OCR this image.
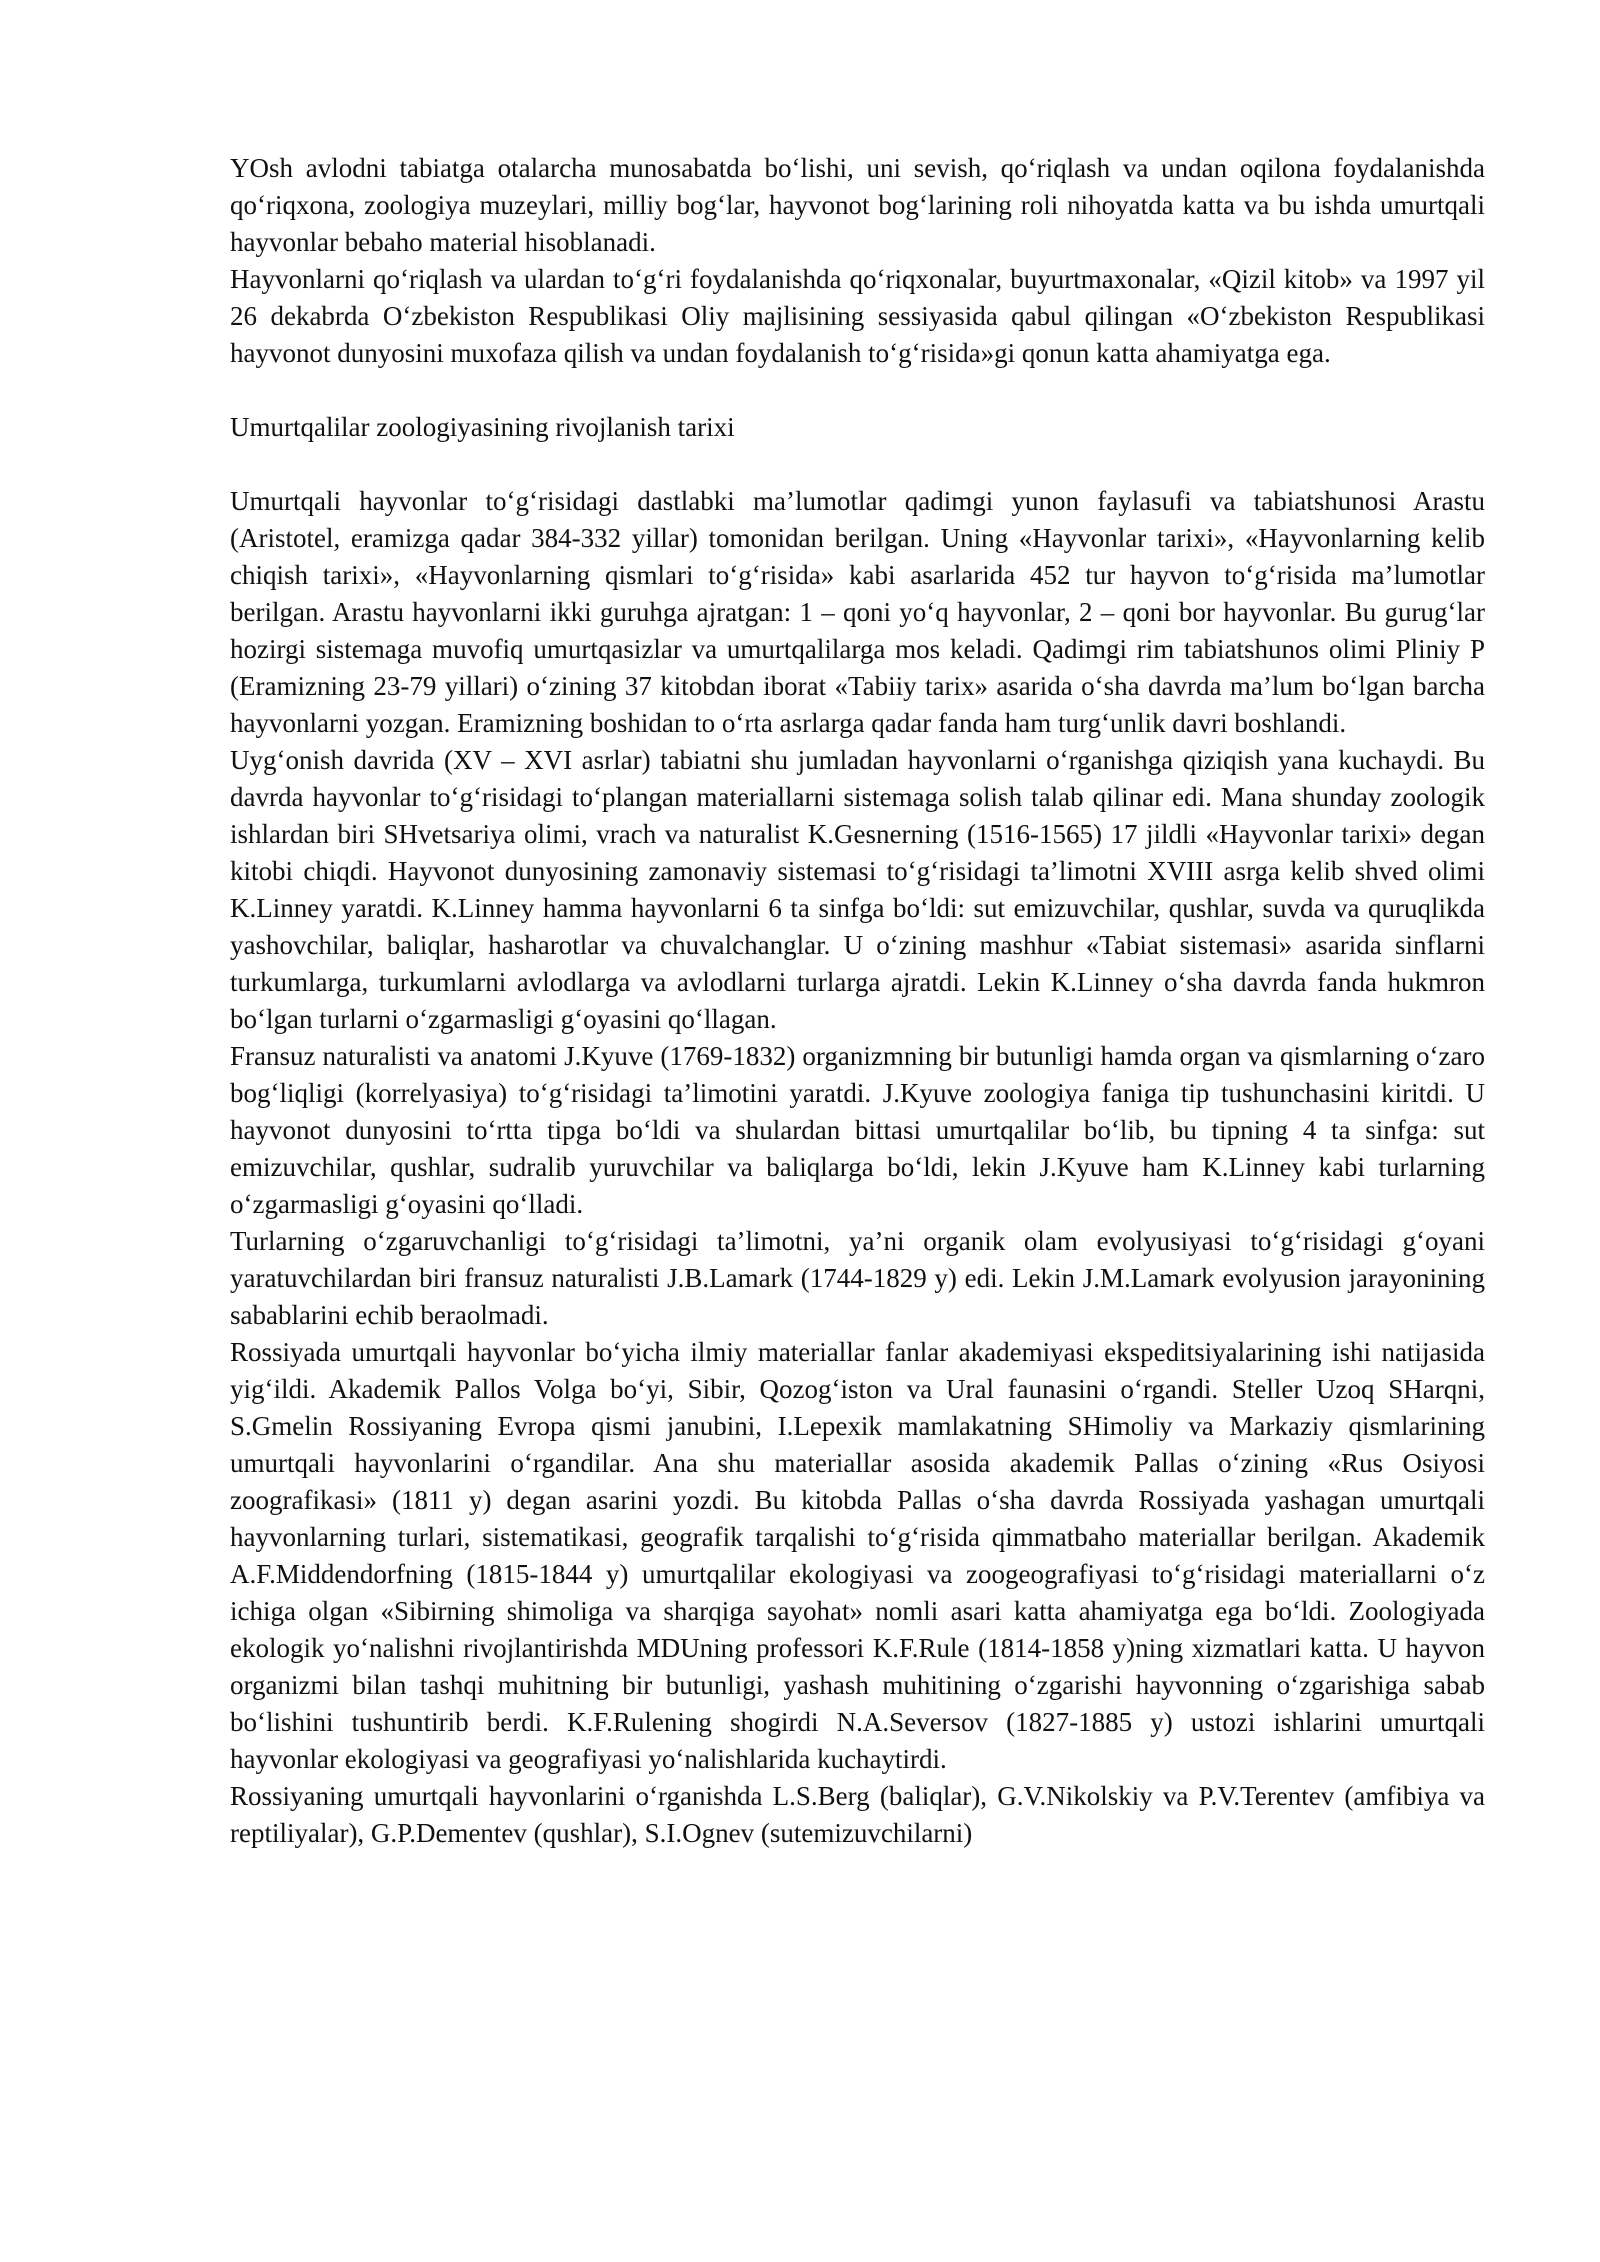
YOsh avlodni tabiatga otalarcha munosabatda bo‘lishi, uni sevish, qo‘riqlash va undan oqilona foydalanishda qo‘riqxona, zoologiya muzeylari, milliy bog‘lar, hayvonot bog‘larining roli nihoyatda katta va bu ishda umurtqali hayvonlar bebaho material hisoblanadi.

Hayvonlarni qo‘riqlash va ulardan to‘g‘ri foydalanishda qo‘riqxonalar, buyurtmaxonalar, «Qizil kitob» va 1997 yil 26 dekabrda O‘zbekiston Respublikasi Oliy majlisining sessiyasida qabul qilingan «O‘zbekiston Respublikasi hayvonot dunyosini muxofaza qilish va undan foydalanish to‘g‘risida»gi qonun katta ahamiyatga ega.

Umurtqalilar zoologiyasining rivojlanish tarixi

Umurtqali hayvonlar to‘g‘risidagi dastlabki ma’lumotlar qadimgi yunon faylasufi va tabiatshunosi Arastu (Aristotel, eramizga qadar 384-332 yillar) tomonidan berilgan. Uning «Hayvonlar tarixi», «Hayvonlarning kelib chiqish tarixi», «Hayvonlarning qismlari to‘g‘risida» kabi asarlarida 452 tur hayvon to‘g‘risida ma’lumotlar berilgan. Arastu hayvonlarni ikki guruhga ajratgan: 1 – qoni yo‘q hayvonlar, 2 – qoni bor hayvonlar. Bu gurug‘lar hozirgi sistemaga muvofiq umurtqasizlar va umurtqalilarga mos keladi. Qadimgi rim tabiatshunos olimi Pliniy P (Eramizning 23-79 yillari) o‘zining 37 kitobdan iborat «Tabiiy tarix» asarida o‘sha davrda ma’lum bo‘lgan barcha hayvonlarni yozgan. Eramizning boshidan to o‘rta asrlarga qadar fanda ham turg‘unlik davri boshlandi.

Uyg‘onish davrida (XV – XVI asrlar) tabiatni shu jumladan hayvonlarni o‘rganishga qiziqish yana kuchaydi. Bu davrda hayvonlar to‘g‘risidagi to‘plangan materiallarni sistemaga solish talab qilinar edi. Mana shunday zoologik ishlardan biri SHvetsariya olimi, vrach va naturalist K.Gesnerning (1516-1565) 17 jildli «Hayvonlar tarixi» degan kitobi chiqdi. Hayvonot dunyosining zamonaviy sistemasi to‘g‘risidagi ta’limotni XVIII asrga kelib shved olimi K.Linney yaratdi. K.Linney hamma hayvonlarni 6 ta sinfga bo‘ldi: sut emizuvchilar, qushlar, suvda va quruqlikda yashovchilar, baliqlar, hasharotlar va chuvalchanglar. U o‘zining mashhur «Tabiat sistemasi» asarida sinflarni turkumlarga, turkumlarni avlodlarga va avlodlarni turlarga ajratdi. Lekin K.Linney o‘sha davrda fanda hukmron bo‘lgan turlarni o‘zgarmasligi g‘oyasini qo‘llagan.

Fransuz naturalisti va anatomi J.Kyuve (1769-1832) organizmning bir butunligi hamda organ va qismlarning o‘zaro bog‘liqligi (korrelyasiya) to‘g‘risidagi ta’limotini yaratdi. J.Kyuve zoologiya faniga tip tushunchasini kiritdi. U hayvonot dunyosini to‘rtta tipga bo‘ldi va shulardan bittasi umurtqalilar bo‘lib, bu tipning 4 ta sinfga: sut emizuvchilar, qushlar, sudralib yuruvchilar va baliqlarga bo‘ldi, lekin J.Kyuve ham K.Linney kabi turlarning o‘zgarmasligi g‘oyasini qo‘lladi.

Turlarning o‘zgaruvchanligi to‘g‘risidagi ta’limotni, ya’ni organik olam evolyusiyasi to‘g‘risidagi g‘oyani yaratuvchilardan biri fransuz naturalisti J.B.Lamark (1744-1829 y) edi. Lekin J.M.Lamark evolyusion jarayonining sabablarini echib beraolmadi.

Rossiyada umurtqali hayvonlar bo‘yicha ilmiy materiallar fanlar akademiyasi ekspeditsiyalarining ishi natijasida yig‘ildi. Akademik Pallos Volga bo‘yi, Sibir, Qozog‘iston va Ural faunasini o‘rgandi. Steller Uzoq SHarqni, S.Gmelin Rossiyaning Evropa qismi janubini, I.Lepexik mamlakatning SHimoliy va Markaziy qismlarining umurtqali hayvonlarini o‘rgandilar. Ana shu materiallar asosida akademik Pallas o‘zining «Rus Osiyosi zoografikasi» (1811 y) degan asarini yozdi. Bu kitobda Pallas o‘sha davrda Rossiyada yashagan umurtqali hayvonlarning turlari, sistematikasi, geografik tarqalishi to‘g‘risida qimmatbaho materiallar berilgan. Akademik A.F.Middendorfning (1815-1844 y) umurtqalilar ekologiyasi va zoogeografiyasi to‘g‘risidagi materiallarni o‘z ichiga olgan «Sibirning shimoliga va sharqiga sayohat» nomli asari katta ahamiyatga ega bo‘ldi. Zoologiyada ekologik yo‘nalishni rivojlantirishda MDUning professori K.F.Rule (1814-1858 y)ning xizmatlari katta. U hayvon organizmi bilan tashqi muhitning bir butunligi, yashash muhitining o‘zgarishi hayvonning o‘zgarishiga sabab bo‘lishini tushuntirib berdi. K.F.Rulening shogirdi N.A.Seversov (1827-1885 y) ustozi ishlarini umurtqali hayvonlar ekologiyasi va geografiyasi yo‘nalishlarida kuchaytirdi.

Rossiyaning umurtqali hayvonlarini o‘rganishda L.S.Berg (baliqlar), G.V.Nikolskiy va P.V.Terentev (amfibiya va reptiliyalar), G.P.Dementev (qushlar), S.I.Ognev (sutemizuvchilarni)
